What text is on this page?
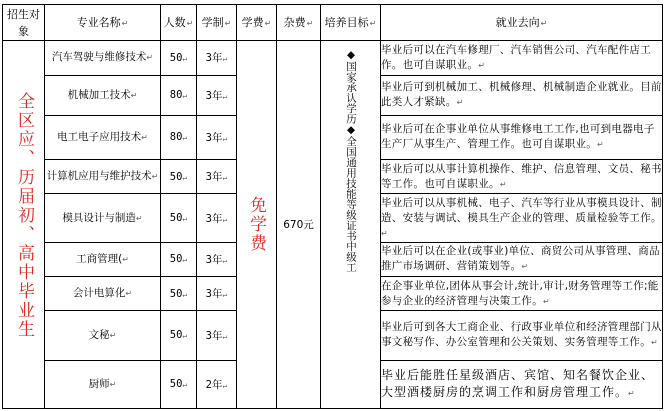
招生对象	专业名称↵	人数↵	学制↵	学费↵	杂费↵	培养目标↵	就业去向↵

全区应、历届初、高中毕业生	汽车驾驶与维修技术↵	50↵	3年↵	免学费	670元	◆国家承认学历◆全国通用技能等级证书中级工	毕业后可以在汽车修理厂、汽车销售公司、汽车配件店工作。也可自谋职业。↵
	机械加工技术↵	80↵	3年↵				毕业后可到机械加工、机械修理、机械制造企业就业。目前此类人才紧缺。↵
	电工电子应用技术↵	80↵	3年↵				毕业后可在企事业单位从事维修电工工作,也可到电器电子生产厂从事生产、管理工作。也可自谋职业。↵
	计算机应用与维护技术↵	50↵	3年↵				毕业后可以从事计算机操作、维护、信息管理、文员、秘书等工作。也可自谋职业。↵
	模具设计与制造↵	50↵	3年↵				毕业后可以从事机械、电子、汽车等行业从事模具设计、制造、安装与调试、模具生产企业的管理、质量检验等工作。↵
	工商管理(↵	50↵	3年↵				毕业后可以在企业(或事业)单位、商贸公司从事管理、商品推广市场调研、营销策划等。↵
	会计电算化↵	50↵	3年↵				在企事业单位,团体从事会计,统计,审计,财务管理等工作;能参与企业的经济管理与决策工作。↵
	文秘↵	50↵	3年↵				毕业后可到各大工商企业、行政事业单位和经济管理部门从事文秘写作、办公室管理和公关策划、实务管理等工作。↵
	厨师↵	50↵	2年↵				毕业后能胜任星级酒店、宾馆、知名餐饮企业、大型酒楼厨房的烹调工作和厨房管理工作。↵
